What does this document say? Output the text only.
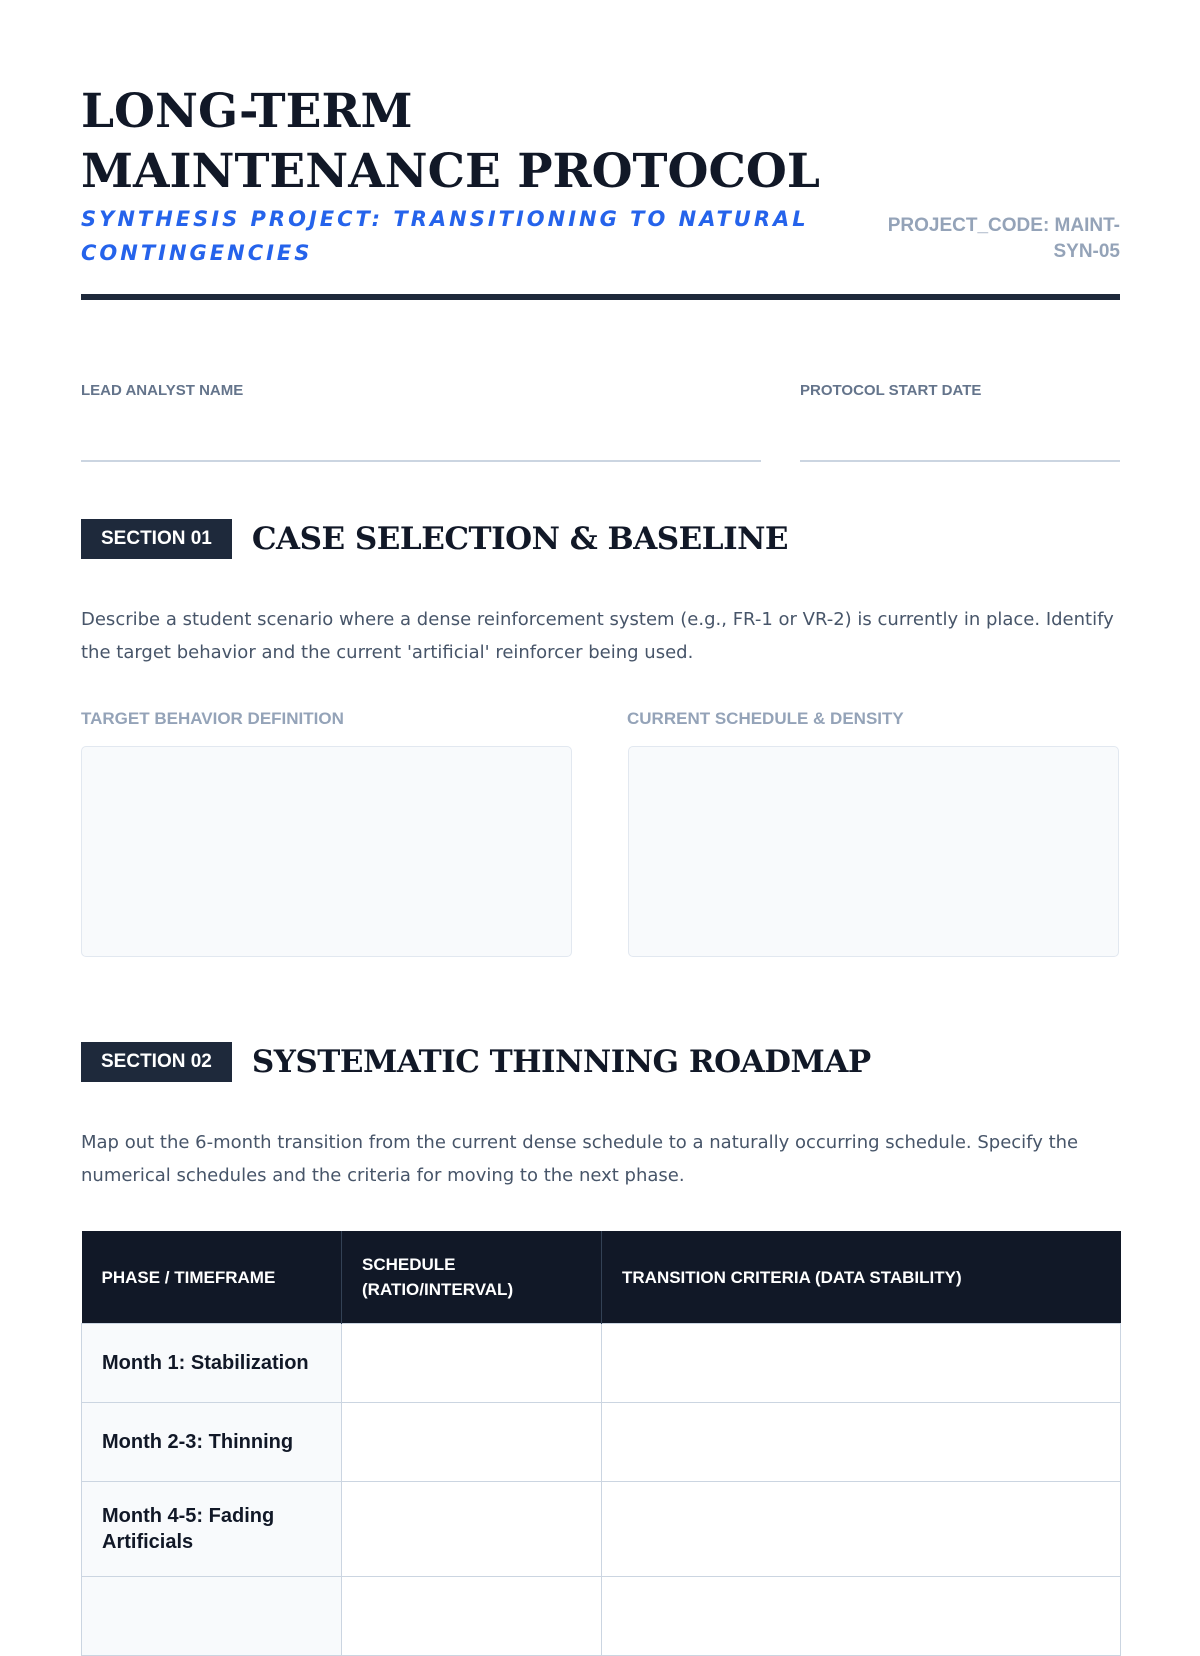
LONG-TERM MAINTENANCE PROTOCOL
SYNTHESIS PROJECT: TRANSITIONING TO NATURAL CONTINGENCIES
PROJECT_CODE: MAINT-SYN-05
LEAD ANALYST NAME	PROTOCOL START DATE
SECTION 01	CASE SELECTION & BASELINE

Describe a student scenario where a dense reinforcement system (e.g., FR-1 or VR-2) is currently in place. Identify the target behavior and the current 'artificial' reinforcer being used.

TARGET BEHAVIOR DEFINITION	CURRENT SCHEDULE & DENSITY
SECTION 02	SYSTEMATIC THINNING ROADMAP

Map out the 6-month transition from the current dense schedule to a naturally occurring schedule. Specify the numerical schedules and the criteria for moving to the next phase.

PHASE / TIMEFRAME	SCHEDULE (RATIO/INTERVAL)	TRANSITION CRITERIA (DATA STABILITY)
Month 1: Stabilization		
Month 2-3: Thinning		
Month 4-5: Fading Artificials		
